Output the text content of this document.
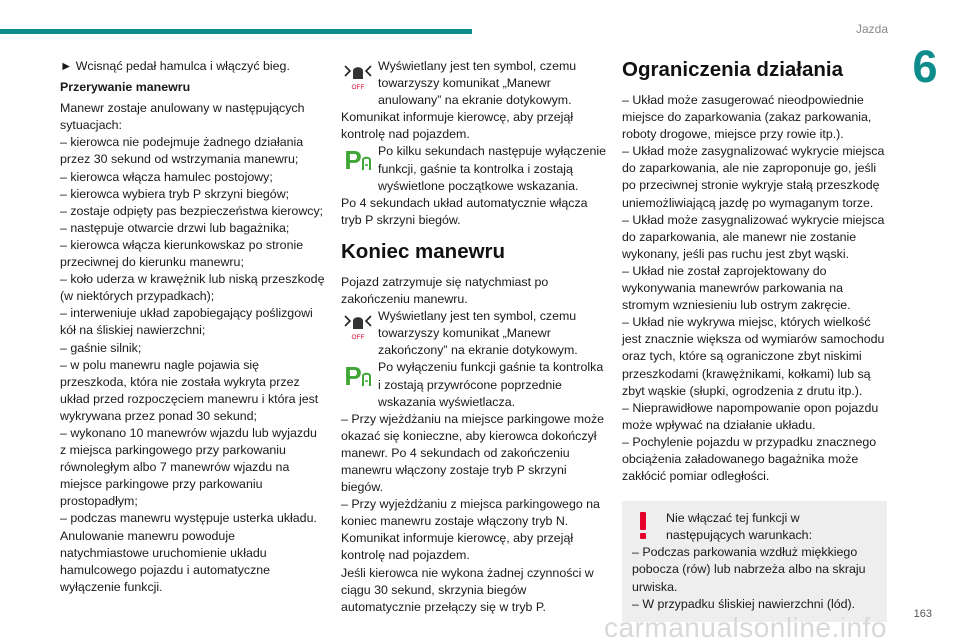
Jazda
6

► Wcisnąć pedał hamulca i włączyć bieg.

Przerywanie manewru

Manewr zostaje anulowany w następujących sytuacjach:

– kierowca nie podejmuje żadnego działania przez 30 sekund od wstrzymania manewru;

– kierowca włącza hamulec postojowy;

– kierowca wybiera tryb P skrzyni biegów;

– zostaje odpięty pas bezpieczeństwa kierowcy;

– następuje otwarcie drzwi lub bagażnika;

– kierowca włącza kierunkowskaz po stronie przeciwnej do kierunku manewru;

– koło uderza w krawężnik lub niską przeszkodę (w niektórych przypadkach);

– interweniuje układ zapobiegający poślizgowi kół na śliskiej nawierzchni;

– gaśnie silnik;

– w polu manewru nagle pojawia się przeszkoda, która nie została wykryta przez układ przed rozpoczęciem manewru i która jest wykrywana przez ponad 30 sekund;

– wykonano 10 manewrów wjazdu lub wyjazdu z miejsca parkingowego przy parkowaniu równoległym albo 7 manewrów wjazdu na miejsce parkingowe przy parkowaniu prostopadłym;

– podczas manewru występuje usterka układu.

Anulowanie manewru powoduje natychmiastowe uruchomienie układu hamulcowego pojazdu i automatyczne wyłączenie funkcji.

OFF

Wyświetlany jest ten symbol, czemu towarzyszy komunikat „Manewr anulowany” na ekranie dotykowym.

Komunikat informuje kierowcę, aby przejął kontrolę nad pojazdem.

P Po kilku sekundach następuje wyłączenie funkcji, gaśnie ta kontrolka i zostają wyświetlone początkowe wskazania.

Po 4 sekundach układ automatycznie włącza tryb P skrzyni biegów.

Koniec manewru

Pojazd zatrzymuje się natychmiast po zakończeniu manewru.

OFF

Wyświetlany jest ten symbol, czemu towarzyszy komunikat „Manewr zakończony” na ekranie dotykowym.

P Po wyłączeniu funkcji gaśnie ta kontrolka i zostają przywrócone poprzednie wskazania wyświetlacza.

– Przy wjeżdżaniu na miejsce parkingowe może okazać się konieczne, aby kierowca dokończył manewr. Po 4 sekundach od zakończeniu manewru włączony zostaje tryb P skrzyni biegów.

– Przy wyjeżdżaniu z miejsca parkingowego na koniec manewru zostaje włączony tryb N.

Komunikat informuje kierowcę, aby przejął kontrolę nad pojazdem.

Jeśli kierowca nie wykona żadnej czynności w ciągu 30 sekund, skrzynia biegów automatycznie przełączy się w tryb P.

Ograniczenia działania

– Układ może zasugerować nieodpowiednie miejsce do zaparkowania (zakaz parkowania, roboty drogowe, miejsce przy rowie itp.).

– Układ może zasygnalizować wykrycie miejsca do zaparkowania, ale nie zaproponuje go, jeśli po przeciwnej stronie wykryje stałą przeszkodę uniemożliwiającą jazdę po wymaganym torze.

– Układ może zasygnalizować wykrycie miejsca do zaparkowania, ale manewr nie zostanie wykonany, jeśli pas ruchu jest zbyt wąski.

– Układ nie został zaprojektowany do wykonywania manewrów parkowania na stromym wzniesieniu lub ostrym zakręcie.

– Układ nie wykrywa miejsc, których wielkość jest znacznie większa od wymiarów samochodu oraz tych, które są ograniczone zbyt niskimi przeszkodami (krawężnikami, kołkami) lub są zbyt wąskie (słupki, ogrodzenia z drutu itp.).

– Nieprawidłowe napompowanie opon pojazdu może wpływać na działanie układu.

– Pochylenie pojazdu w przypadku znacznego obciążenia załadowanego bagażnika może zakłócić pomiar odległości.

Nie włączać tej funkcji w następujących warunkach:

– Podczas parkowania wzdłuż miękkiego pobocza (rów) lub nabrzeża albo na skraju urwiska.

– W przypadku śliskiej nawierzchni (lód).

carmanualsonline.info 163
